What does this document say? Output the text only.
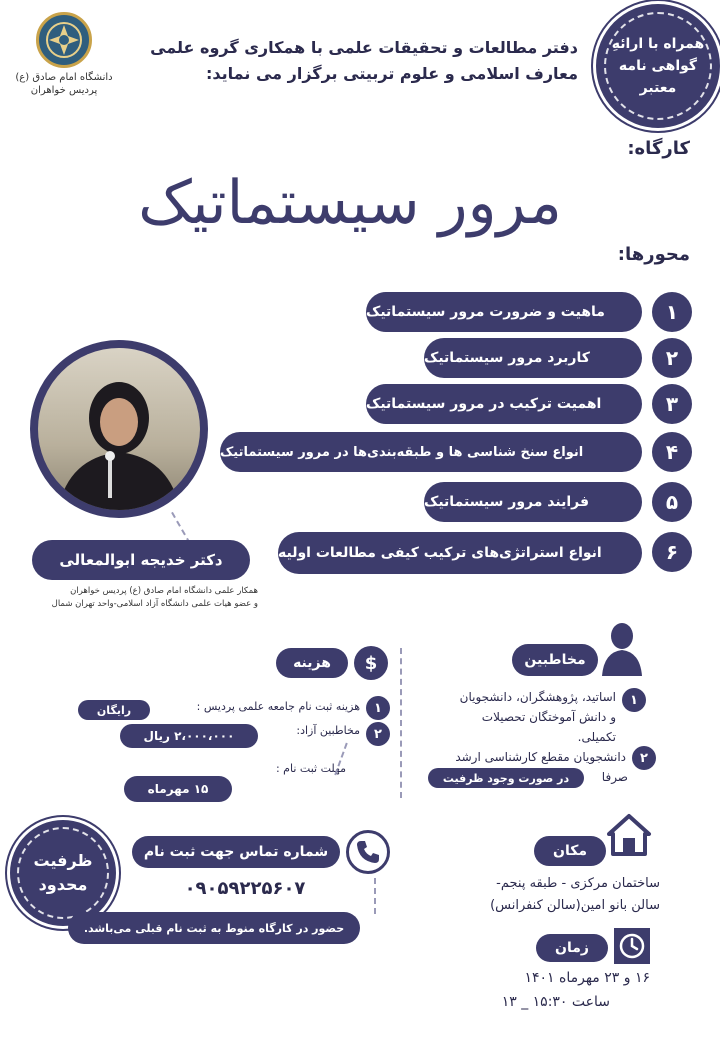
دانشگاه امام صادق (ع)
پردیس خواهران
دفتر مطالعات و تحقیقات علمی با همکاری گروه علمی
معارف اسلامی و علوم تربیتی برگزار می نماید:
همراه با ارائهِ
گواهی نامه
معتبر
کارگاه:
مرور سیستماتیک
محورها:
ماهیت و ضرورت مرور سیستماتیک	۱
کاربرد مرور سیستماتیک	۲
اهمیت ترکیب در مرور سیستماتیک	۳
انواع سنخ شناسی ها و طبقه‌بندی‌ها در مرور سیستماتیک	۴
فرایند مرور سیستماتیک	۵
انواع استراتژی‌های ترکیب کیفی مطالعات اولیه	۶
دکتر خدیجه ابوالمعالی
همکار علمی دانشگاه امام صادق (ع) پردیس خواهران
و عضو هیات علمی دانشگاه آزاد اسلامی-واحد تهران شمال
مخاطبین
۱
اساتید، پژوهشگران، دانشجویان
و دانش آموختگان تحصیلات
تکمیلی.
۲
دانشجویان مقطع کارشناسی ارشد
صرفا
در صورت وجود ظرفیت
$
هزینه
۱
هزینه ثبت نام جامعه علمی پردیس :
رایگان
۲
مخاطبین آزاد:
۲،۰۰۰،۰۰۰ ریال
مهلت ثبت نام :
۱۵ مهرماه
ظرفیت
محدود
شماره تماس جهت ثبت نام
۰۹۰۵۹۲۲۵۶۰۷
حضور در کارگاه منوط به ثبت نام قبلی می‌باشد.
مکان
ساختمان مرکزی - طبقه پنجم-
سالن بانو امین(سالن کنفرانس)
زمان
۱۶ و ۲۳ مهرماه ۱۴۰۱
ساعت ۱۵:۳۰ _ ۱۳
